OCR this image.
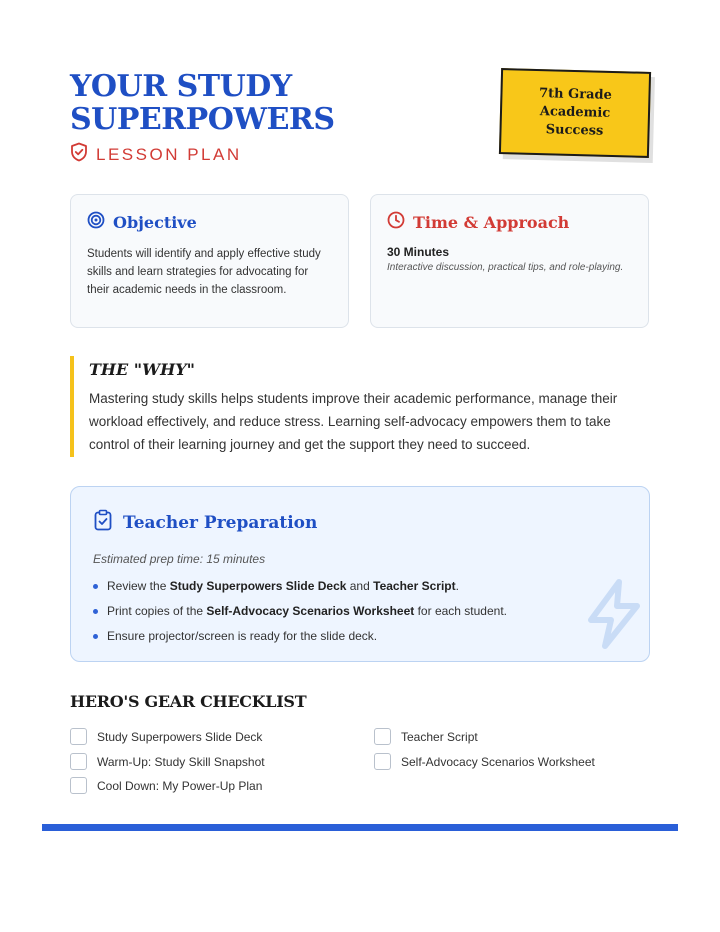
YOUR STUDY
SUPERPOWERS
LESSON PLAN
7th Grade Academic Success
Objective
Students will identify and apply effective study skills and learn strategies for advocating for their academic needs in the classroom.
Time & Approach
30 Minutes
Interactive discussion, practical tips, and role-playing.
THE "WHY"
Mastering study skills helps students improve their academic performance, manage their workload effectively, and reduce stress. Learning self-advocacy empowers them to take control of their learning journey and get the support they need to succeed.
Teacher Preparation
Estimated prep time: 15 minutes
Review the Study Superpowers Slide Deck and Teacher Script.
Print copies of the Self-Advocacy Scenarios Worksheet for each student.
Ensure projector/screen is ready for the slide deck.
HERO'S GEAR CHECKLIST
Study Superpowers Slide Deck	Teacher Script
Warm-Up: Study Skill Snapshot	Self-Advocacy Scenarios Worksheet
Cool Down: My Power-Up Plan
